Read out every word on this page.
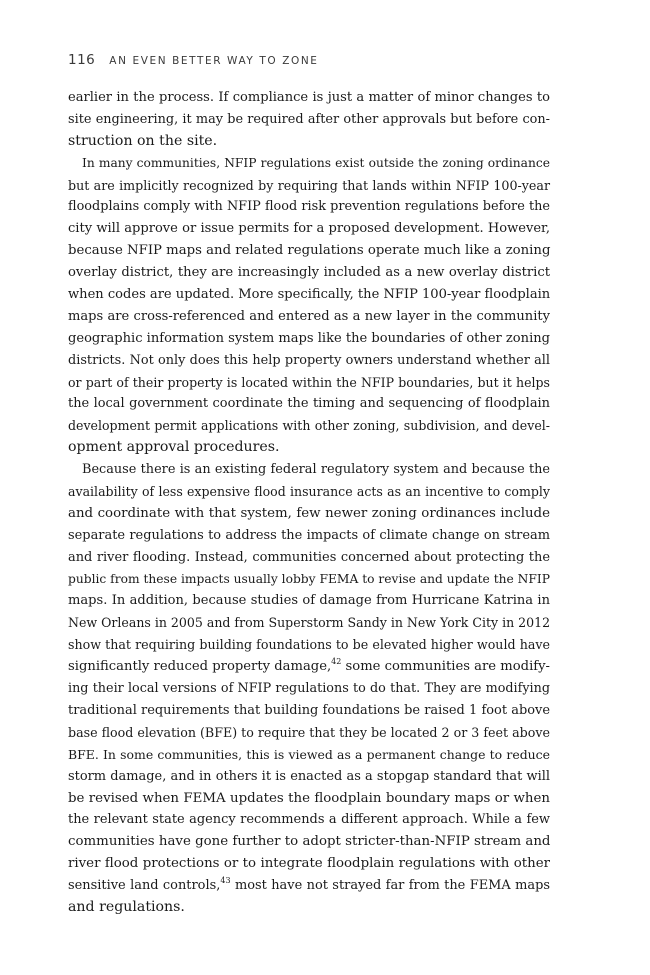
116 AN EVEN BETTER WAY TO ZONE
earlier in the process. If compliance is just a matter of minor changes to
site engineering, it may be required after other approvals but before con-
struction on the site.
In many communities, NFIP regulations exist outside the zoning ordinance
but are implicitly recognized by requiring that lands within NFIP 100-year
floodplains comply with NFIP flood risk prevention regulations before the
city will approve or issue permits for a proposed development. However,
because NFIP maps and related regulations operate much like a zoning
overlay district, they are increasingly included as a new overlay district
when codes are updated. More specifically, the NFIP 100-year floodplain
maps are cross-referenced and entered as a new layer in the community
geographic information system maps like the boundaries of other zoning
districts. Not only does this help property owners understand whether all
or part of their property is located within the NFIP boundaries, but it helps
the local government coordinate the timing and sequencing of floodplain
development permit applications with other zoning, subdivision, and devel-
opment approval procedures.
Because there is an existing federal regulatory system and because the
availability of less expensive flood insurance acts as an incentive to comply
and coordinate with that system, few newer zoning ordinances include
separate regulations to address the impacts of climate change on stream
and river flooding. Instead, communities concerned about protecting the
public from these impacts usually lobby FEMA to revise and update the NFIP
maps. In addition, because studies of damage from Hurricane Katrina in
New Orleans in 2005 and from Superstorm Sandy in New York City in 2012
show that requiring building foundations to be elevated higher would have
significantly reduced property damage,$^{42}$ some communities are modify-
ing their local versions of NFIP regulations to do that. They are modifying
traditional requirements that building foundations be raised 1 foot above
base flood elevation (BFE) to require that they be located 2 or 3 feet above
BFE. In some communities, this is viewed as a permanent change to reduce
storm damage, and in others it is enacted as a stopgap standard that will
be revised when FEMA updates the floodplain boundary maps or when
the relevant state agency recommends a different approach. While a few
communities have gone further to adopt stricter-than-NFIP stream and
river flood protections or to integrate floodplain regulations with other
sensitive land controls,$^{43}$ most have not strayed far from the FEMA maps
and regulations.
